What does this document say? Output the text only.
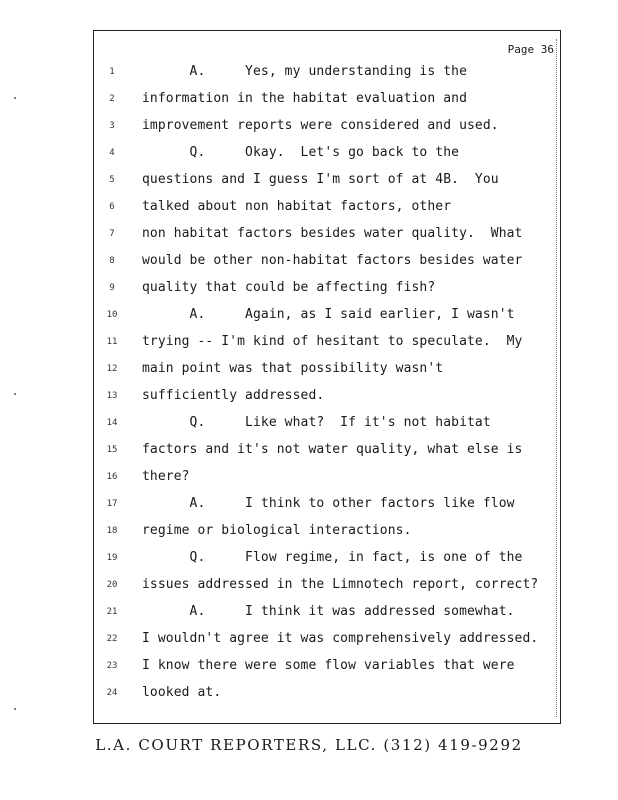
Page 36
1	A.     Yes, my understanding is the
2	information in the habitat evaluation and
3	improvement reports were considered and used.
4	Q.     Okay.  Let's go back to the
5	questions and I guess I'm sort of at 4B.  You
6	talked about non habitat factors, other
7	non habitat factors besides water quality.  What
8	would be other non-habitat factors besides water
9	quality that could be affecting fish?
10	A.     Again, as I said earlier, I wasn't
11	trying -- I'm kind of hesitant to speculate.  My
12	main point was that possibility wasn't
13	sufficiently addressed.
14	Q.     Like what?  If it's not habitat
15	factors and it's not water quality, what else is
16	there?
17	A.     I think to other factors like flow
18	regime or biological interactions.
19	Q.     Flow regime, in fact, is one of the
20	issues addressed in the Limnotech report, correct?
21	A.     I think it was addressed somewhat.
22	I wouldn't agree it was comprehensively addressed.
23	I know there were some flow variables that were
24	looked at.
L.A. COURT REPORTERS, LLC. (312) 419-9292
